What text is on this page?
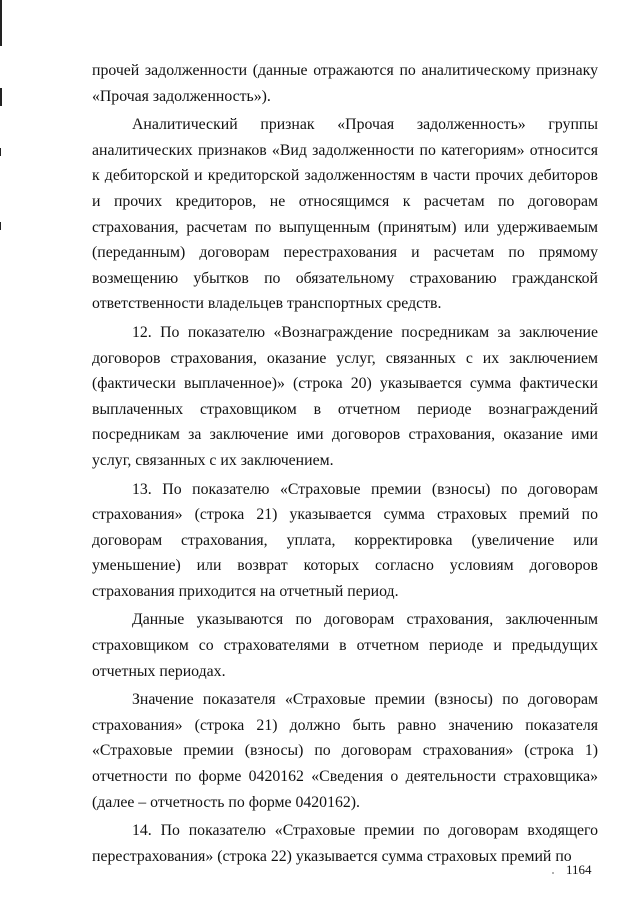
прочей задолженности (данные отражаются по аналитическому признаку «Прочая задолженность»).

Аналитический признак «Прочая задолженность» группы аналитических признаков «Вид задолженности по категориям» относится к дебиторской и кредиторской задолженностям в части прочих дебиторов и прочих кредиторов, не относящимся к расчетам по договорам страхования, расчетам по выпущенным (принятым) или удерживаемым (переданным) договорам перестрахования и расчетам по прямому возмещению убытков по обязательному страхованию гражданской ответственности владельцев транспортных средств.

12. По показателю «Вознаграждение посредникам за заключение договоров страхования, оказание услуг, связанных с их заключением (фактически выплаченное)» (строка 20) указывается сумма фактически выплаченных страховщиком в отчетном периоде вознаграждений посредникам за заключение ими договоров страхования, оказание ими услуг, связанных с их заключением.

13. По показателю «Страховые премии (взносы) по договорам страхования» (строка 21) указывается сумма страховых премий по договорам страхования, уплата, корректировка (увеличение или уменьшение) или возврат которых согласно условиям договоров страхования приходится на отчетный период.

Данные указываются по договорам страхования, заключенным страховщиком со страхователями в отчетном периоде и предыдущих отчетных периодах.

Значение показателя «Страховые премии (взносы) по договорам страхования» (строка 21) должно быть равно значению показателя «Страховые премии (взносы) по договорам страхования» (строка 1) отчетности по форме 0420162 «Сведения о деятельности страховщика» (далее – отчетность по форме 0420162).

14. По показателю «Страховые премии по договорам входящего перестрахования» (строка 22) указывается сумма страховых премий по

1164
